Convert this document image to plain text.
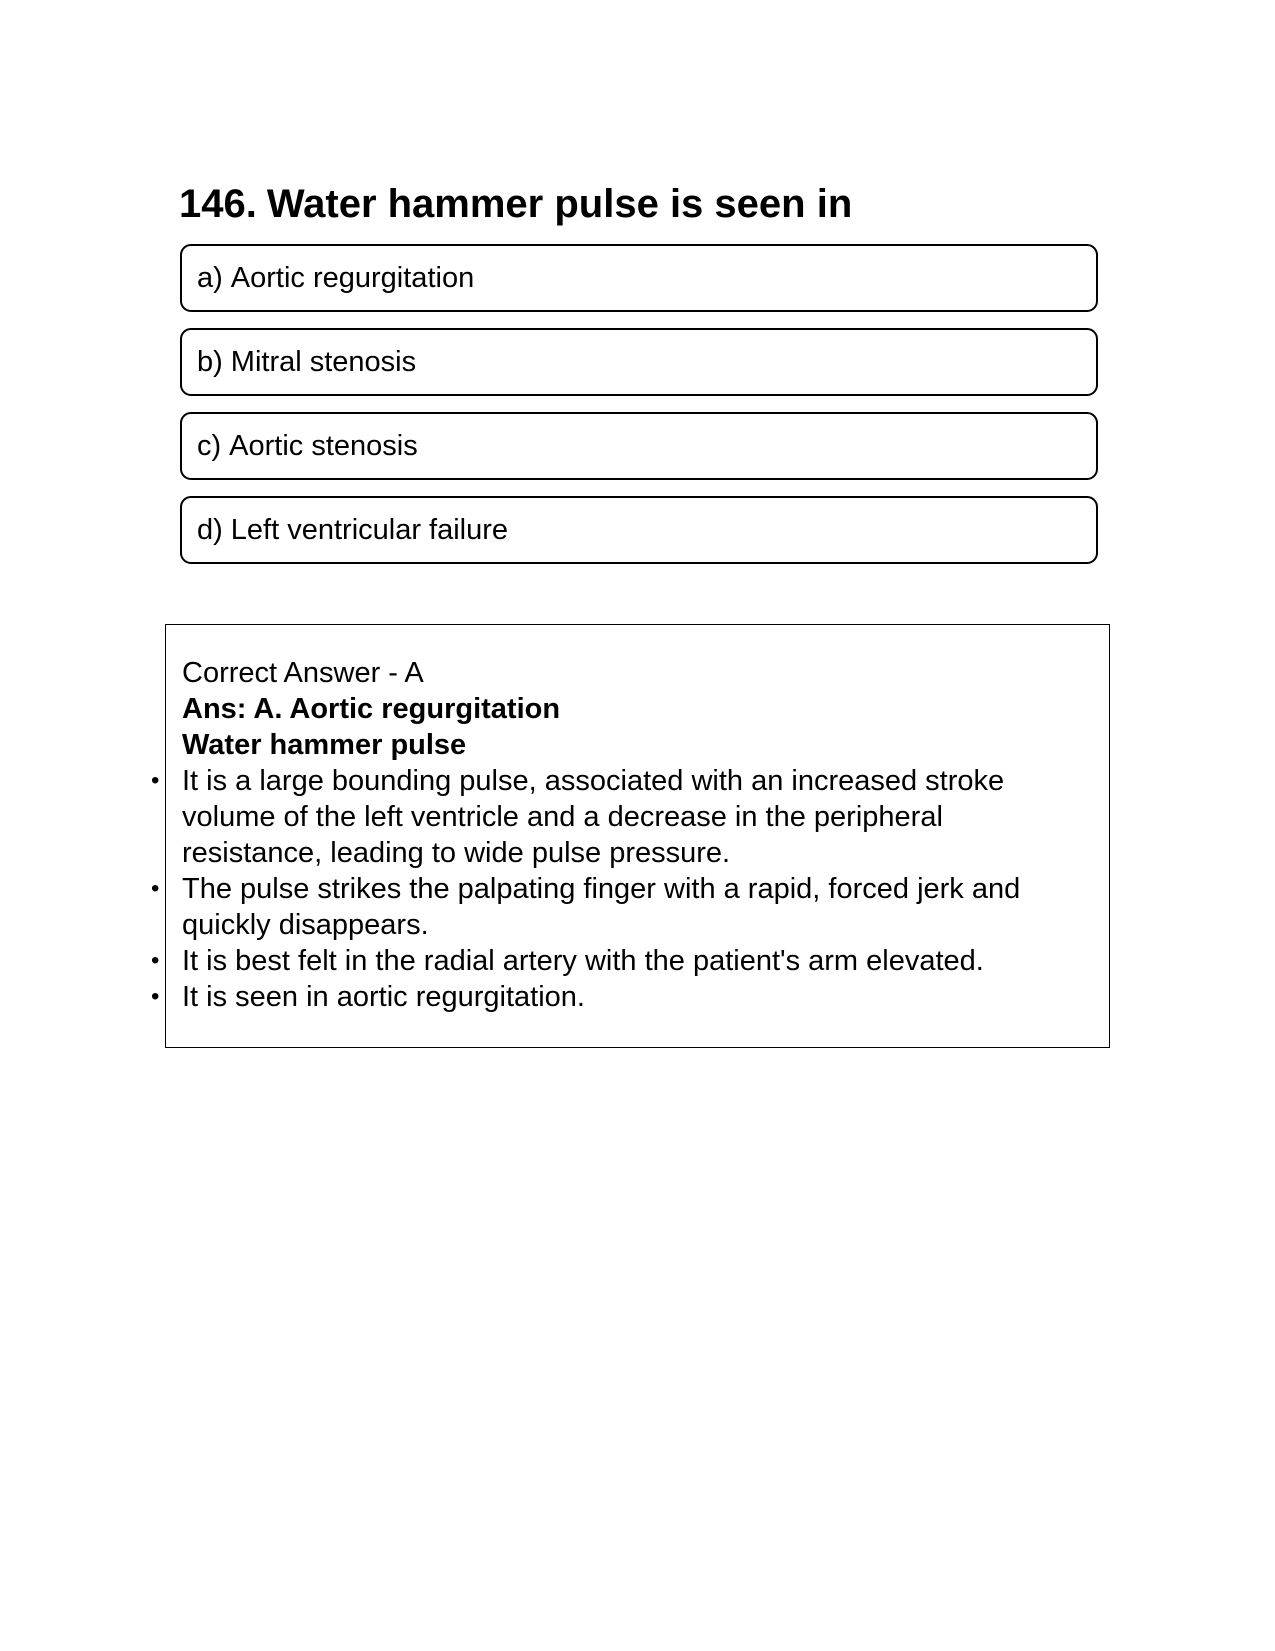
146. Water hammer pulse is seen in
a) Aortic regurgitation
b) Mitral stenosis
c) Aortic stenosis
d) Left ventricular failure
Correct Answer - A
Ans: A. Aortic regurgitation
Water hammer pulse
• It is a large bounding pulse, associated with an increased stroke volume of the left ventricle and a decrease in the peripheral resistance, leading to wide pulse pressure.
• The pulse strikes the palpating finger with a rapid, forced jerk and quickly disappears.
• It is best felt in the radial artery with the patient's arm elevated.
• It is seen in aortic regurgitation.
